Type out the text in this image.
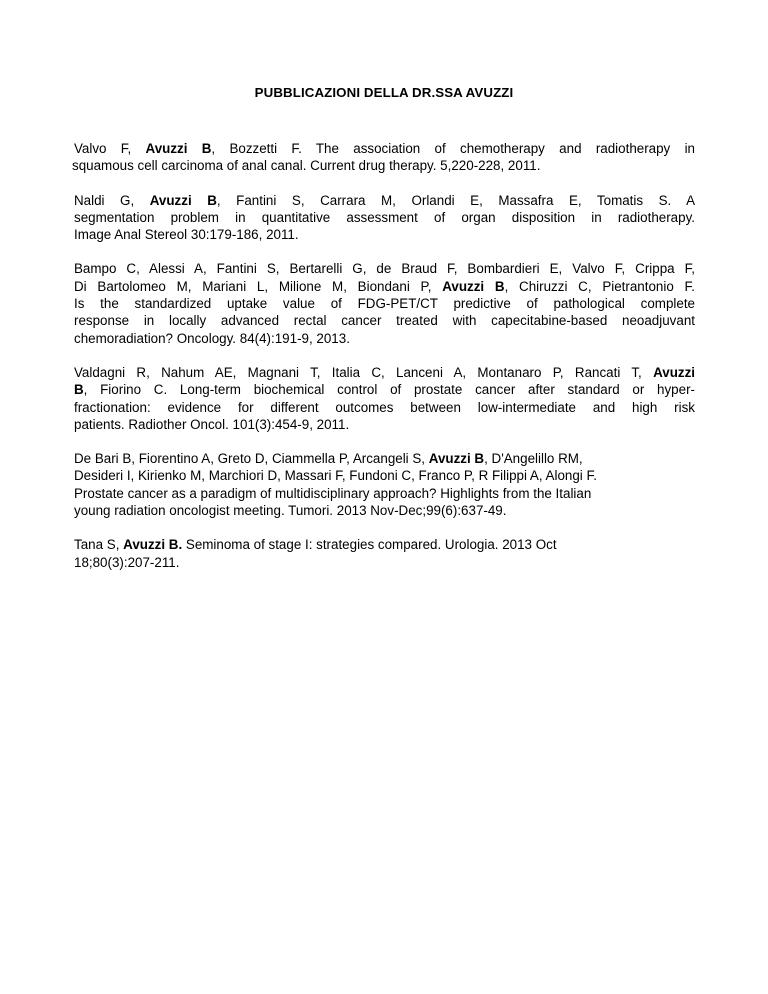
PUBBLICAZIONI DELLA DR.SSA AVUZZI
Valvo F, Avuzzi B, Bozzetti F. The association of chemotherapy and radiotherapy in
squamous cell carcinoma of anal canal. Current drug therapy. 5,220-228, 2011.
Naldi G, Avuzzi B, Fantini S, Carrara M, Orlandi E, Massafra E, Tomatis S. A
segmentation problem in quantitative assessment of organ disposition in radiotherapy.
Image Anal Stereol 30:179-186, 2011.
Bampo C, Alessi A, Fantini S, Bertarelli G, de Braud F, Bombardieri E, Valvo F, Crippa F,
Di Bartolomeo M, Mariani L, Milione M, Biondani P, Avuzzi B, Chiruzzi C, Pietrantonio F.
Is the standardized uptake value of FDG-PET/CT predictive of pathological complete
response in locally advanced rectal cancer treated with capecitabine-based neoadjuvant
chemoradiation? Oncology. 84(4):191-9, 2013.
Valdagni R, Nahum AE, Magnani T, Italia C, Lanceni A, Montanaro P, Rancati T, Avuzzi
B, Fiorino C. Long-term biochemical control of prostate cancer after standard or hyper-
fractionation: evidence for different outcomes between low-intermediate and high risk
patients. Radiother Oncol. 101(3):454-9, 2011.
De Bari B, Fiorentino A, Greto D, Ciammella P, Arcangeli S, Avuzzi B, D'Angelillo RM,
Desideri I, Kirienko M, Marchiori D, Massari F, Fundoni C, Franco P, R Filippi A, Alongi F.
Prostate cancer as a paradigm of multidisciplinary approach? Highlights from the Italian
young radiation oncologist meeting. Tumori. 2013 Nov-Dec;99(6):637-49.
Tana S, Avuzzi B. Seminoma of stage I: strategies compared. Urologia. 2013 Oct
18;80(3):207-211.
